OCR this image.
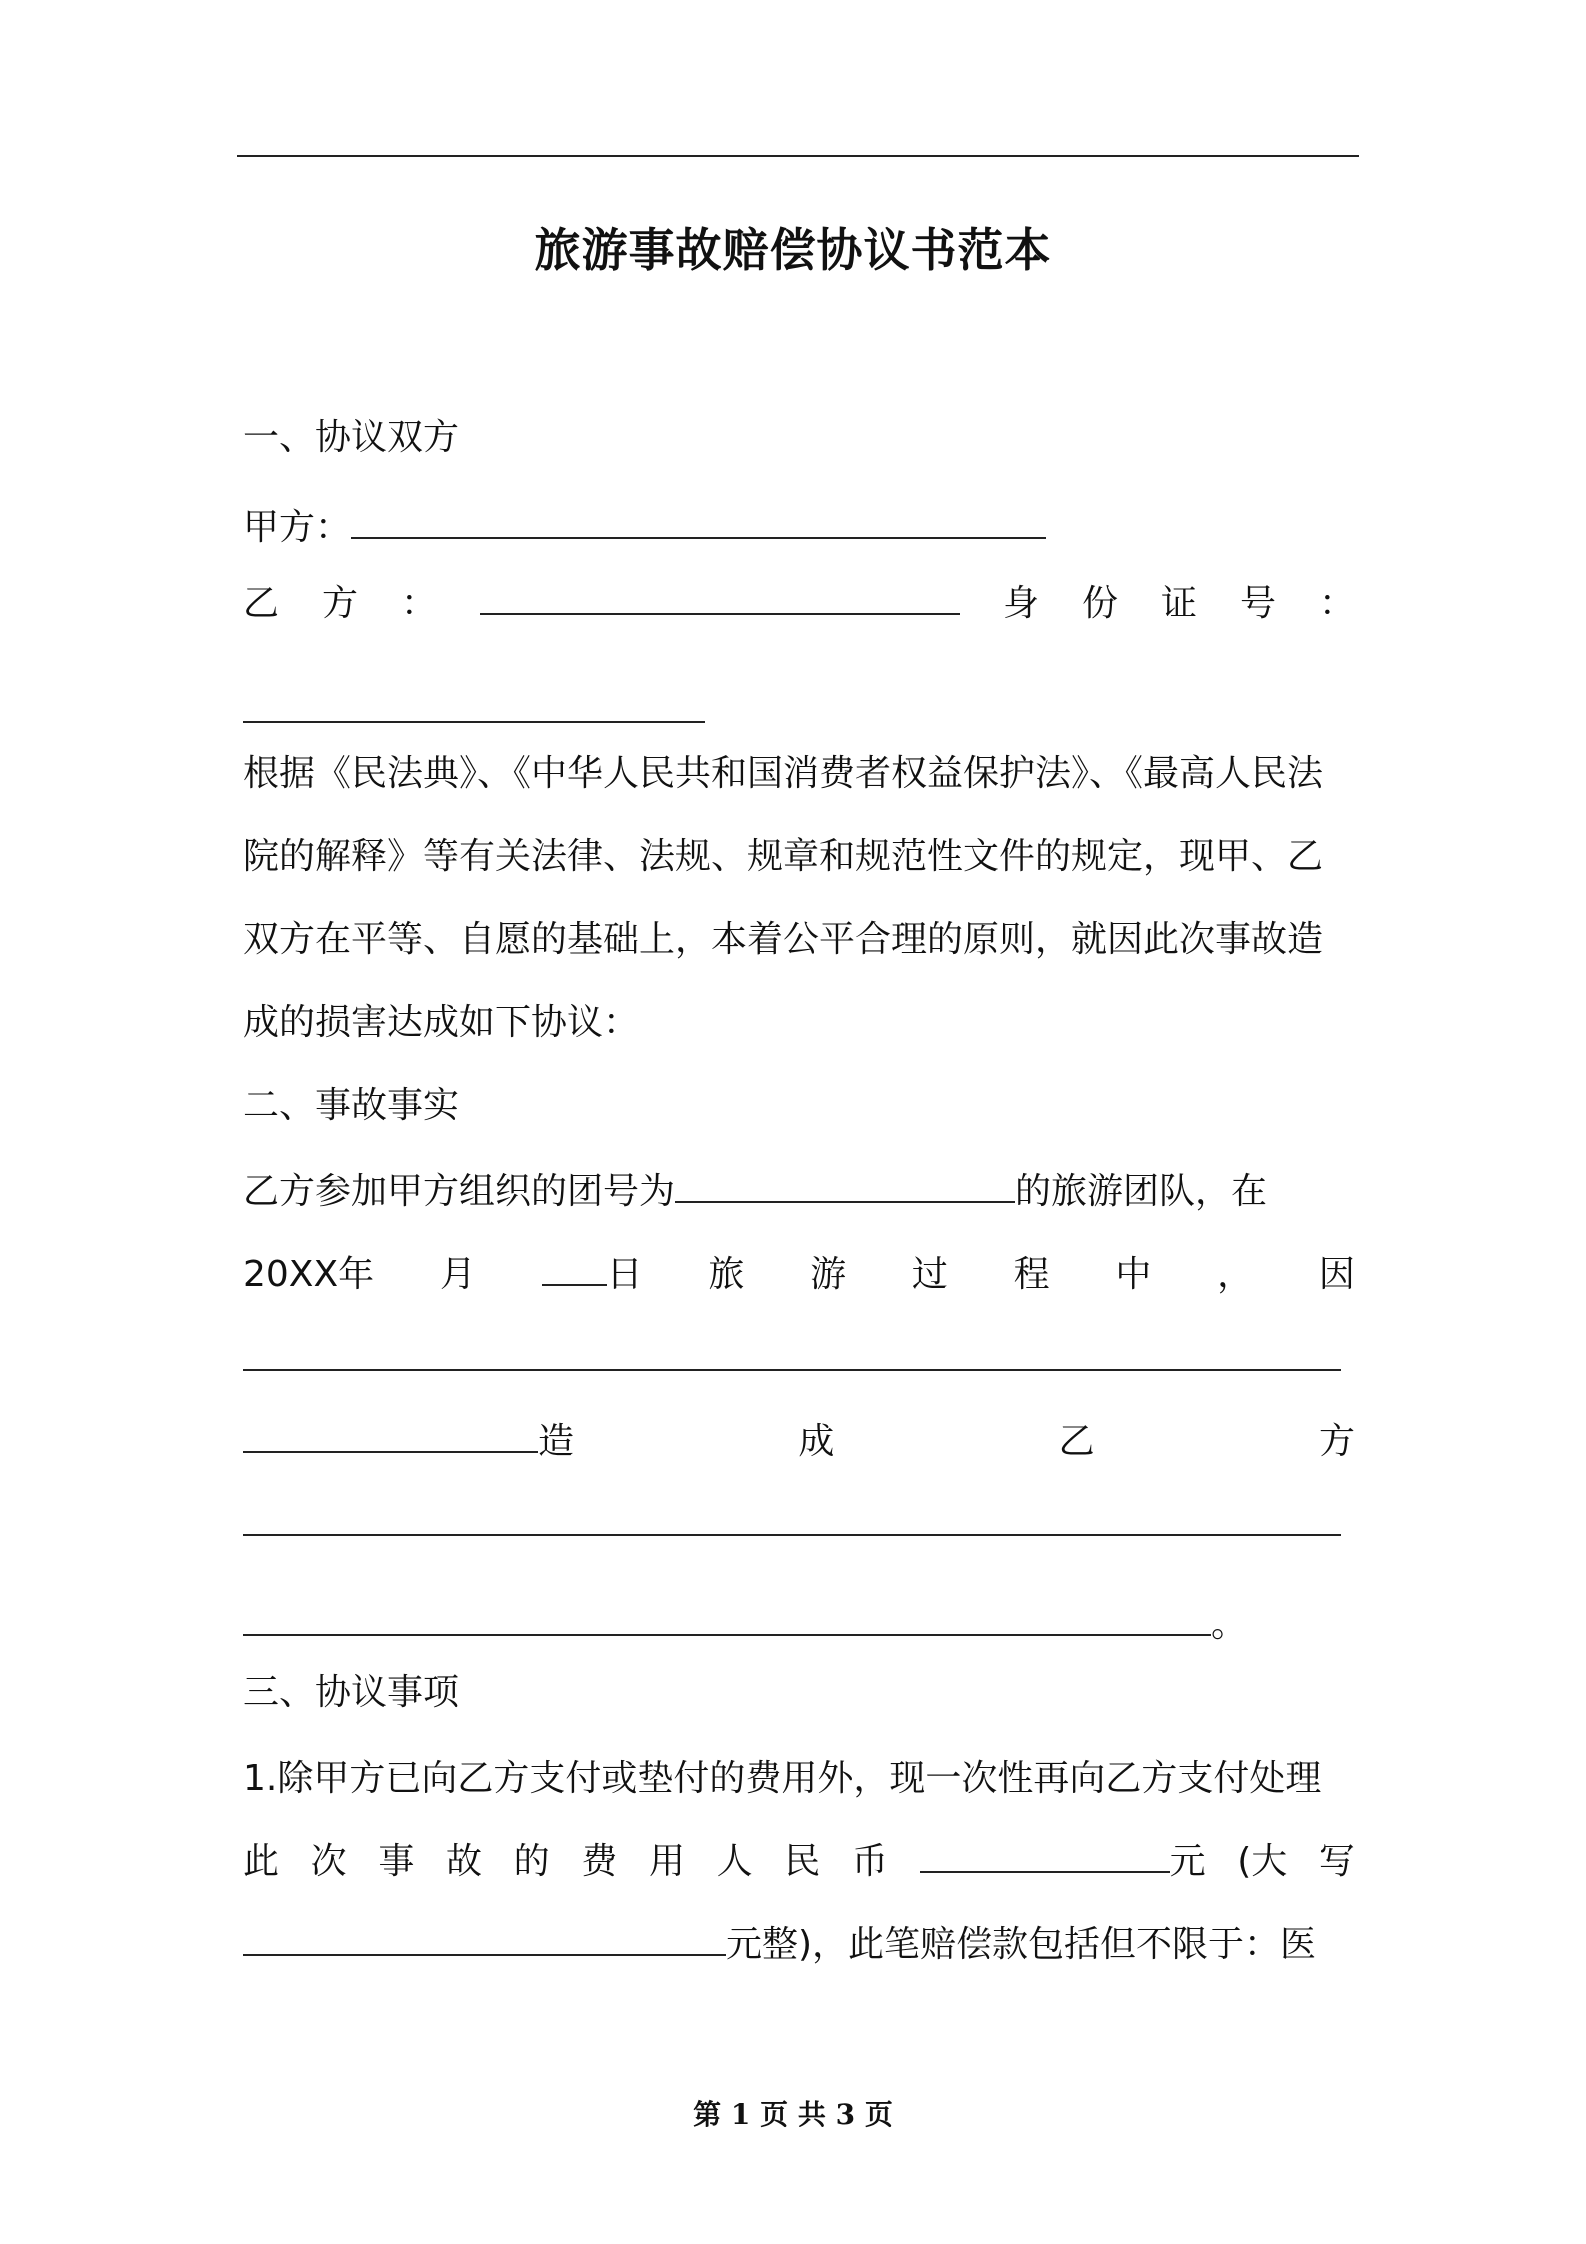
旅游事故赔偿协议书范本
一、协议双方
甲方：
乙 方 ：	身 份 证 号 ：
根据《民法典》、《中华人民共和国消费者权益保护法》、《最高人民法
院的解释》等有关法律、法规、规章和规范性文件的规定，现甲、乙
双方在平等、自愿的基础上，本着公平合理的原则，就因此次事故造
成的损害达成如下协议：
二、事故事实
乙方参加甲方组织的团号为	的旅游团队，在
20XX年 月	日 旅 游 过 程 中 ， 因
造	成	乙	方
。
三、协议事项
1.除甲方已向乙方支付或垫付的费用外，现一次性再向乙方支付处理
此 次 事 故 的 费 用 人 民 币	元 (大 写
元整)，此笔赔偿款包括但不限于：医
第 1 页 共 3 页
